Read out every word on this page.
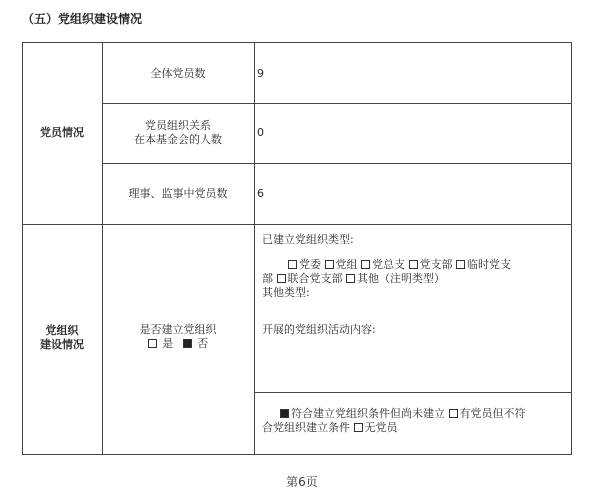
（五）党组织建设情况
党员情况
全体党员数	9
党员组织关系
在本基金会的人数
0
理事、监事中党员数	6
党组织
建设情况
是否建立党组织
是 否
已建立党组织类型:
党委 党组 党总支 党支部 临时党支
部 联合党支部 其他（注明类型）
其他类型:
开展的党组织活动内容:
符合建立党组织条件但尚未建立 有党员但不符
合党组织建立条件 无党员
第6页
